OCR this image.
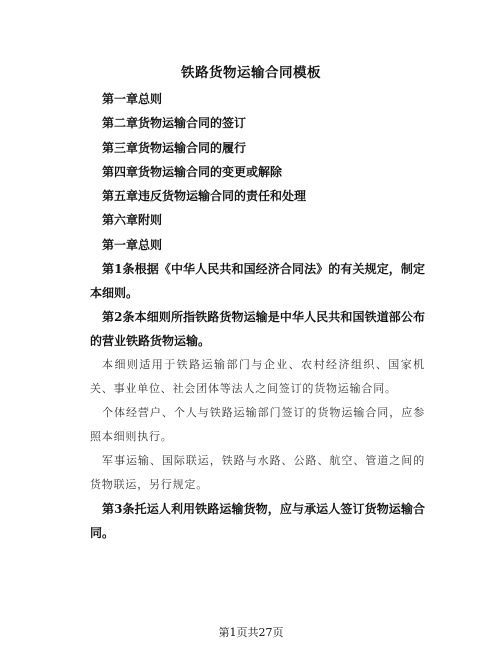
铁路货物运输合同模板

第一章总则

第二章货物运输合同的签订

第三章货物运输合同的履行

第四章货物运输合同的变更或解除

第五章违反货物运输合同的责任和处理

第六章附则

第一章总则

第1条根据《中华人民共和国经济合同法》的有关规定，制定本细则。

第2条本细则所指铁路货物运输是中华人民共和国铁道部公布的营业铁路货物运输。

本细则适用于铁路运输部门与企业、农村经济组织、国家机关、事业单位、社会团体等法人之间签订的货物运输合同。

个体经营户、个人与铁路运输部门签订的货物运输合同，应参照本细则执行。

军事运输、国际联运，铁路与水路、公路、航空、管道之间的货物联运，另行规定。

第3条托运人利用铁路运输货物，应与承运人签订货物运输合同。

第1页共27页
